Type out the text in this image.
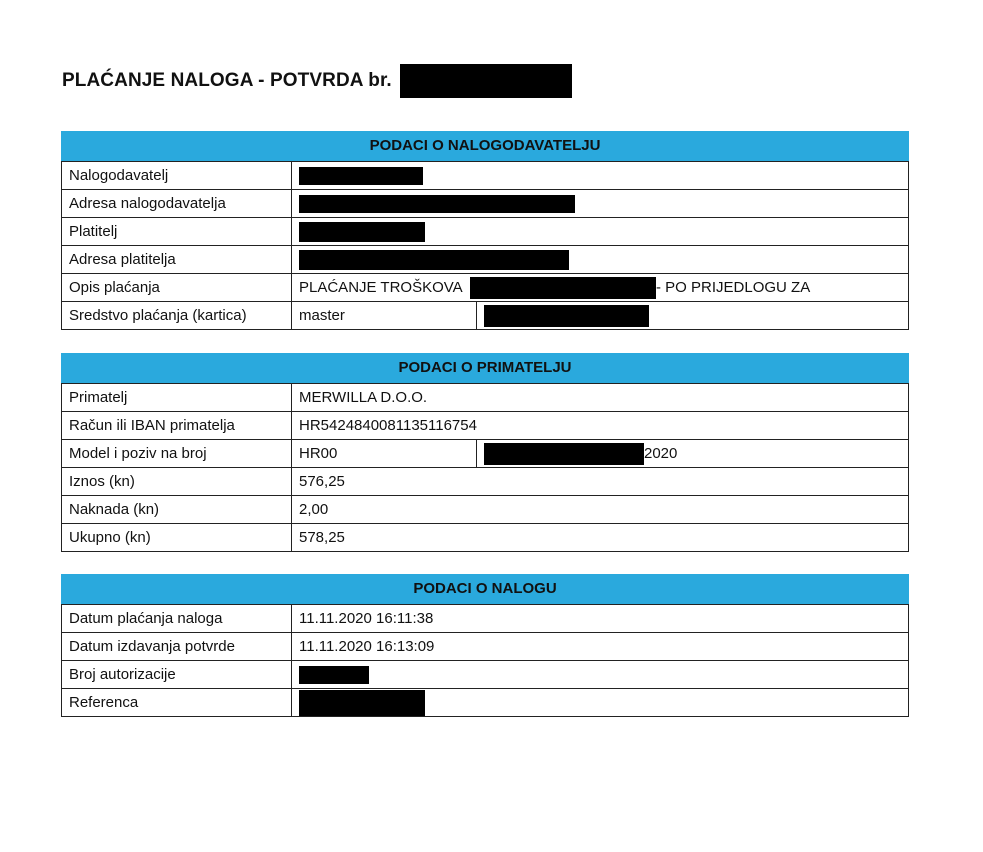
PLAĆANJE NALOGA - POTVRDA br.
PODACI O NALOGODAVATELJU
Nalogodavatelj	
Adresa nalogodavatelja	
Platitelj	
Adresa platitelja	
Opis plaćanja	PLAĆANJE TROŠKOVA - PO PRIJEDLOGU ZA
Sredstvo plaćanja (kartica)	master
PODACI O PRIMATELJU
Primatelj	MERWILLA D.O.O.
Račun ili IBAN primatelja	HR5424840081135116754
Model i poziv na broj	HR00 2020

Iznos (kn)	576,25
Naknada (kn)	2,00
Ukupno (kn)	578,25
PODACI O NALOGU
Datum plaćanja naloga	11.11.2020 16:11:38
Datum izdavanja potvrde	11.11.2020 16:13:09
Broj autorizacije	
Referenca	
